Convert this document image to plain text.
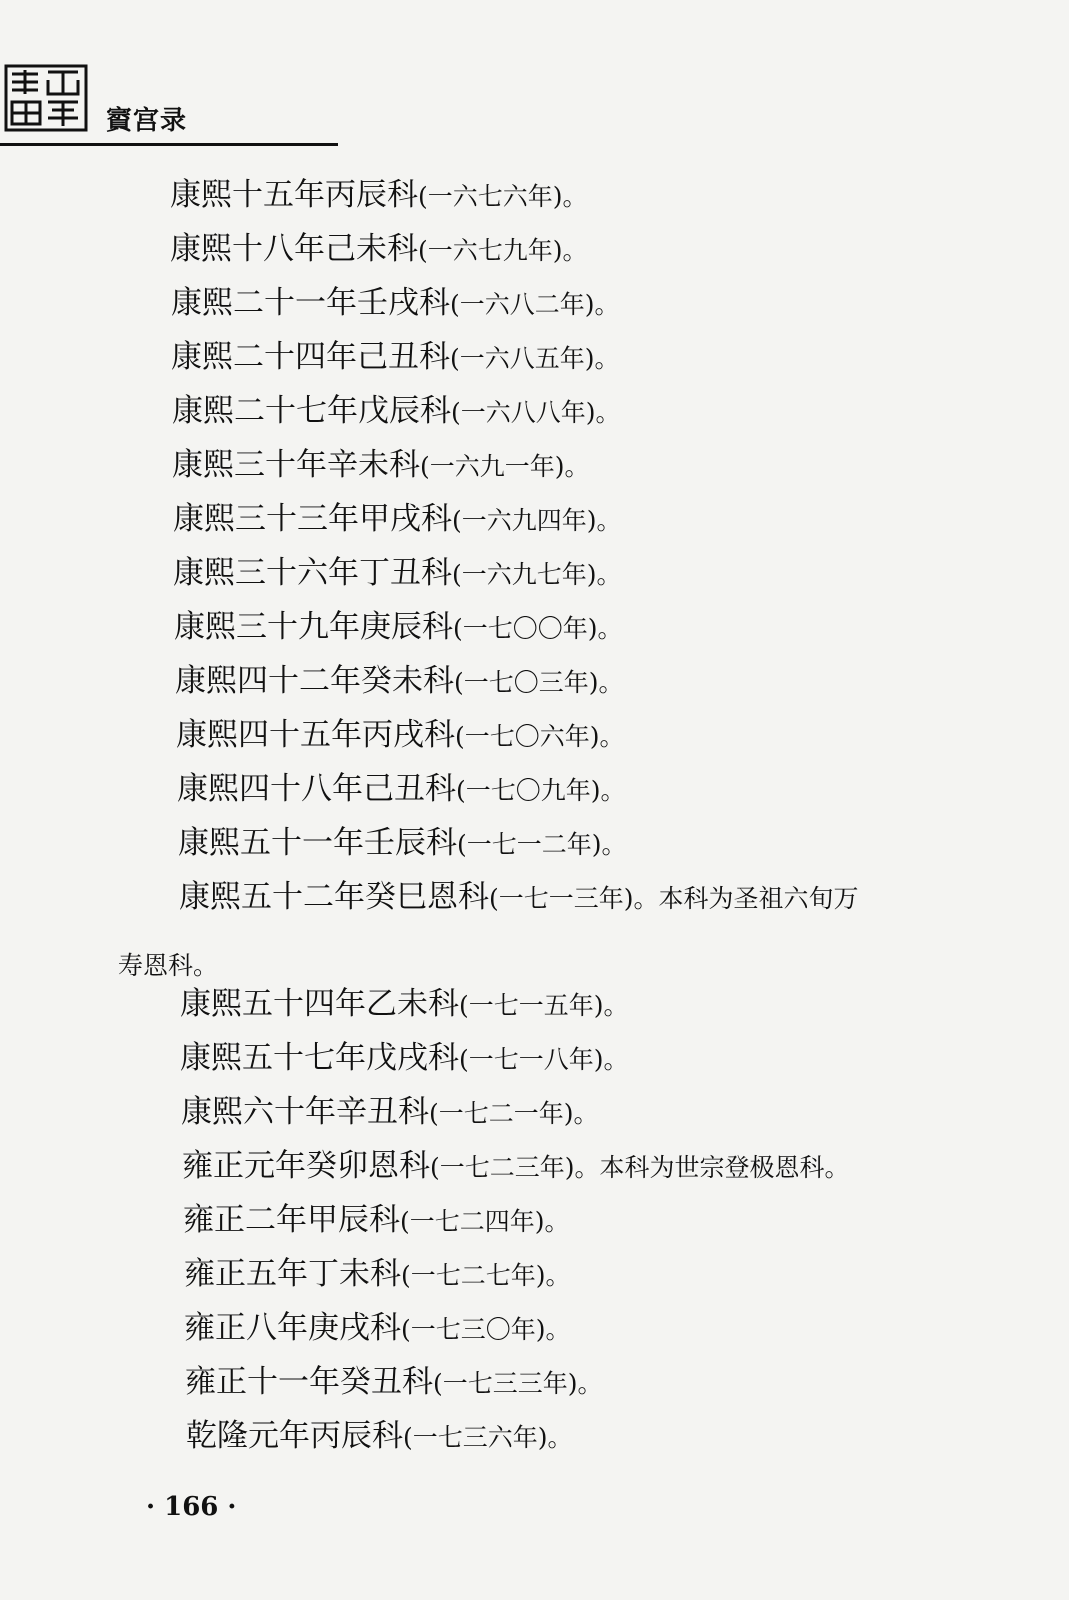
賨宫录
康熙十五年丙辰科(一六七六年)。
康熙十八年己未科(一六七九年)。
康熙二十一年壬戌科(一六八二年)。
康熙二十四年己丑科(一六八五年)。
康熙二十七年戊辰科(一六八八年)。
康熙三十年辛未科(一六九一年)。
康熙三十三年甲戌科(一六九四年)。
康熙三十六年丁丑科(一六九七年)。
康熙三十九年庚辰科(一七〇〇年)。
康熙四十二年癸未科(一七〇三年)。
康熙四十五年丙戌科(一七〇六年)。
康熙四十八年己丑科(一七〇九年)。
康熙五十一年壬辰科(一七一二年)。
康熙五十二年癸巳恩科(一七一三年)。本科为圣祖六旬万
寿恩科。
康熙五十四年乙未科(一七一五年)。
康熙五十七年戊戌科(一七一八年)。
康熙六十年辛丑科(一七二一年)。
雍正元年癸卯恩科(一七二三年)。本科为世宗登极恩科。
雍正二年甲辰科(一七二四年)。
雍正五年丁未科(一七二七年)。
雍正八年庚戌科(一七三〇年)。
雍正十一年癸丑科(一七三三年)。
乾隆元年丙辰科(一七三六年)。
· 166 ·
